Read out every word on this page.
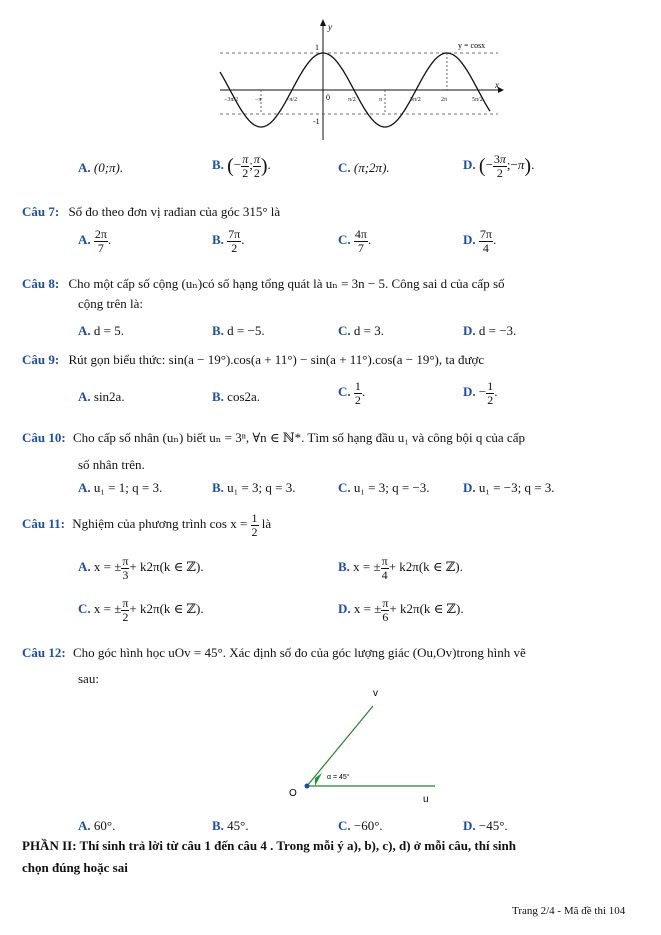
y
x
y = cosx
1
-1
0
−3π/2	−π	−π/2	π/2	π	3π/2	2π	5π/2
A. (0;π).	B. (− $\frac{\pi}{2}$ ; $\frac{\pi}{2}$ ).	C. (π;2π).	D. (− $\frac{3\pi}{2}$ ;−π).
Câu 7: Số đo theo đơn vị rađian của góc 315° là
A. $\frac{2\pi}{7}$ .	B. $\frac{7\pi}{2}$ .	C. $\frac{4\pi}{7}$ .	D. $\frac{7\pi}{4}$ .
Câu 8: Cho một cấp số cộng (uₙ)có số hạng tổng quát là uₙ = 3n − 5. Công sai d của cấp số
cộng trên là:
A. d = 5.	B. d = −5.	C. d = 3.	D. d = −3.
Câu 9: Rút gọn biểu thức: sin(a − 19°).cos(a + 11°) − sin(a + 11°).cos(a − 19°), ta được
A. sin2a.	B. cos2a.	C. $\frac{1}{2}$ .	D. − $\frac{1}{2}$ .
Câu 10: Cho cấp số nhân (uₙ) biết uₙ = 3ⁿ, ∀n ∈ ℕ*. Tìm số hạng đầu u₁ và công bội q của cấp
số nhân trên.
A. u₁ = 1; q = 3.	B. u₁ = 3; q = 3.	C. u₁ = 3; q = −3.	D. u₁ = −3; q = 3.
Câu 11: Nghiệm của phương trình $\cos x = \frac{1}{2}$ là
A. x = ± $\frac{\pi}{3} + k2\pi(k$ ∈ ℤ).	B. x = ± $\frac{\pi}{4} + k2\pi(k$ ∈ ℤ).
C. x = ± $\frac{\pi}{2} + k2\pi(k$ ∈ ℤ).	D. x = ± $\frac{\pi}{6} + k2\pi(k$ ∈ ℤ).
Câu 12: Cho góc hình học uOv = 45°. Xác định số đo của góc lượng giác (Ou,Ov)trong hình vẽ
sau:
v
u
O
α = 45°
A. 60°.	B. 45°.	C. −60°.	D. −45°.
PHẦN II: Thí sinh trả lời từ câu 1 đến câu 4 . Trong mỗi ý a), b), c), d) ở mỗi câu, thí sinh
chọn đúng hoặc sai
Trang 2/4 - Mã đề thi 104
